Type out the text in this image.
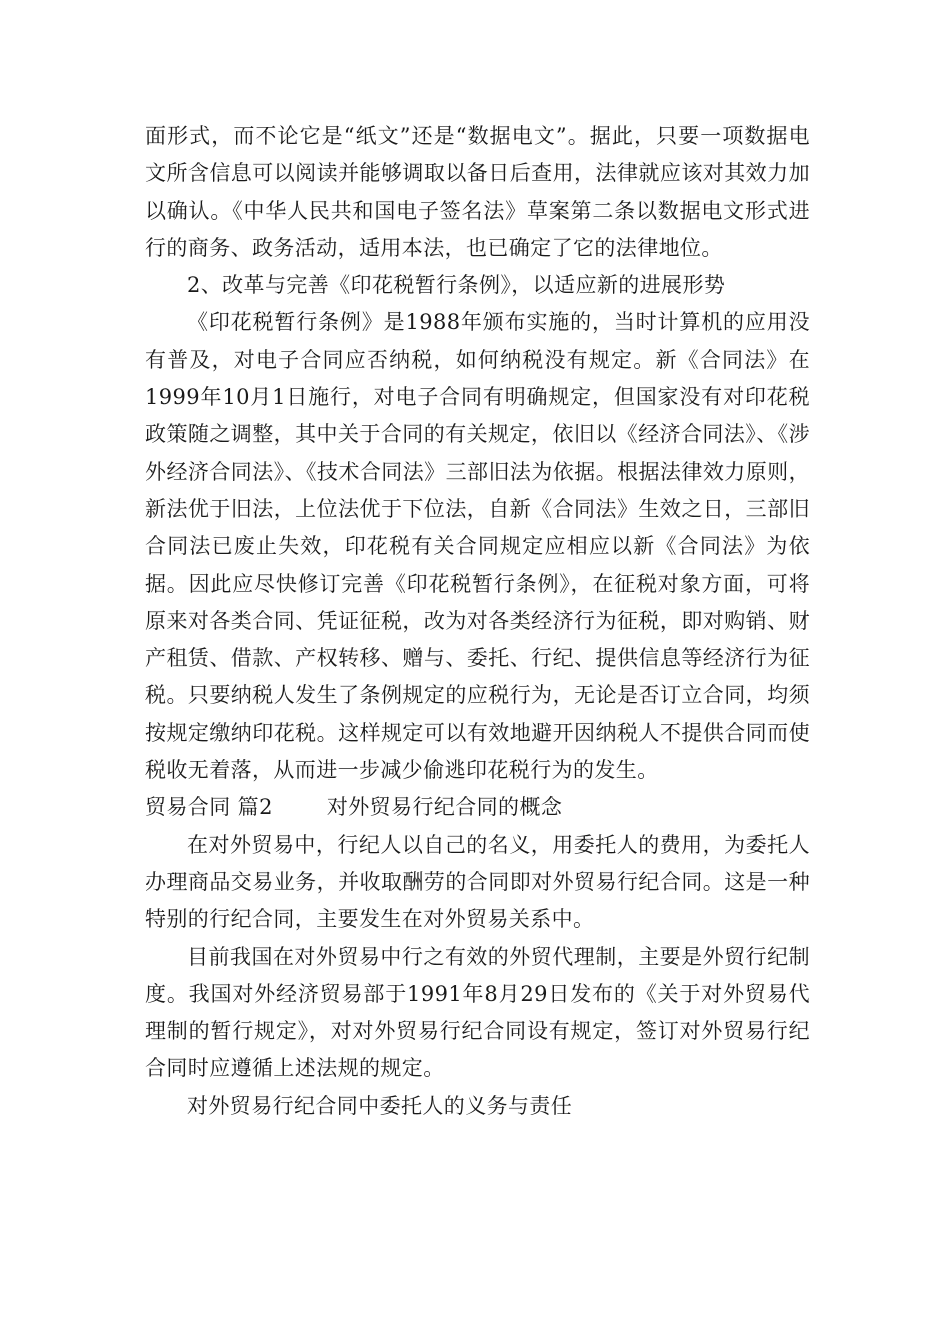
面形式，而不论它是“纸文”还是“数据电文”。据此，只要一项数据电文所含信息可以阅读并能够调取以备日后查用，法律就应该对其效力加以确认。《中华人民共和国电子签名法》草案第二条以数据电文形式进行的商务、政务活动，适用本法，也已确定了它的法律地位。

2、改革与完善《印花税暂行条例》，以适应新的进展形势

《印花税暂行条例》是1988年颁布实施的，当时计算机的应用没有普及，对电子合同应否纳税，如何纳税没有规定。新《合同法》在1999年10月1日施行，对电子合同有明确规定，但国家没有对印花税政策随之调整，其中关于合同的有关规定，依旧以《经济合同法》、《涉外经济合同法》、《技术合同法》三部旧法为依据。根据法律效力原则，新法优于旧法，上位法优于下位法，自新《合同法》生效之日，三部旧合同法已废止失效，印花税有关合同规定应相应以新《合同法》为依据。因此应尽快修订完善《印花税暂行条例》，在征税对象方面，可将原来对各类合同、凭证征税，改为对各类经济行为征税，即对购销、财产租赁、借款、产权转移、赠与、委托、行纪、提供信息等经济行为征税。只要纳税人发生了条例规定的应税行为，无论是否订立合同，均须按规定缴纳印花税。这样规定可以有效地避开因纳税人不提供合同而使税收无着落，从而进一步减少偷逃印花税行为的发生。

贸易合同 篇2	对外贸易行纪合同的概念

在对外贸易中，行纪人以自己的名义，用委托人的费用，为委托人办理商品交易业务，并收取酬劳的合同即对外贸易行纪合同。这是一种特别的行纪合同，主要发生在对外贸易关系中。

目前我国在对外贸易中行之有效的外贸代理制，主要是外贸行纪制度。我国对外经济贸易部于1991年8月29日发布的《关于对外贸易代理制的暂行规定》，对对外贸易行纪合同设有规定，签订对外贸易行纪合同时应遵循上述法规的规定。

对外贸易行纪合同中委托人的义务与责任
